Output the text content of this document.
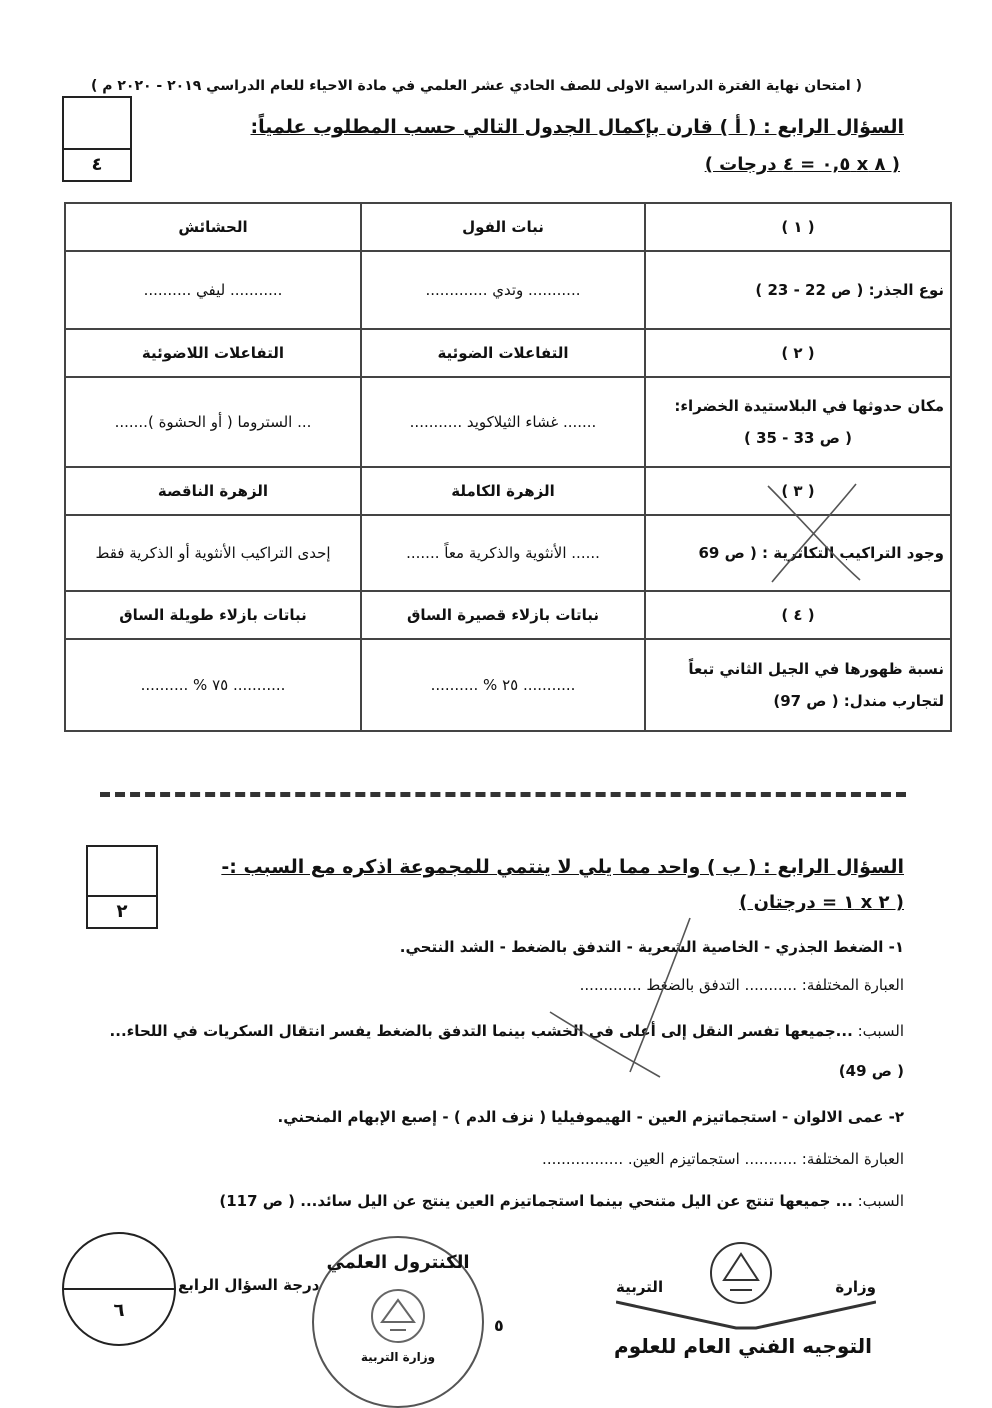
( امتحان نهاية الفترة الدراسية الاولى للصف الحادي عشر العلمي في مادة الاحياء للعام الدراسي ٢٠١٩ - ٢٠٢٠ م )
٤
السؤال الرابع : ( أ ) قارن بإكمال الجدول التالي حسب المطلوب علمياً:
( ٨ x ٠,٥ = ٤ درجات )
( ١ )	نبات الفول	الحشائش
نوع الجذر: ( ص 22 - 23 )	........... وتدي .............	........... ليفي ..........
( ٢ )	التفاعلات الضوئية	التفاعلات اللاضوئية

مكان حدوثها في البلاستيدة الخضراء:
( ص 33 - 35 )	....... غشاء الثيلاكويد ...........	... الستروما ( أو الحشوة ).......
( ٣ )	الزهرة الكاملة	الزهرة الناقصة
وجود التراكيب التكاثرية : ( ص 69	...... الأنثوية والذكرية معاً .......	إحدى التراكيب الأنثوية أو الذكرية فقط
( ٤ )	نباتات بازلاء قصيرة الساق	نباتات بازلاء طويلة الساق

نسبة ظهورها في الجيل الثاني تبعاً
لتجارب مندل: ( ص 97)	........... ٢٥ % ..........	........... ٧٥ % ..........
٢
السؤال الرابع : ( ب ) واحد مما يلي لا ينتمي للمجموعة اذكره مع السبب :-
( ٢ x ١ = درجتان )
١- الضغط الجذري - الخاصية الشعرية - التدفق بالضغط - الشد النتحي.
العبارة المختلفة: ........... التدفق بالضغط .............
السبب: ...جميعها تفسر النقل إلى أعلى في الخشب بينما التدفق بالضغط يفسر انتقال السكريات في اللحاء...
( ص 49)
٢- عمى الالوان - استجماتيزم العين - الهيموفيليا ( نزف الدم ) - إصبع الإبهام المنحني.
العبارة المختلفة: ........... استجماتيزم العين. .................
السبب: ... جميعها تنتج عن اليل متنحي بينما استجماتيزم العين ينتج عن اليل سائد... ( ص 117)
٦
درجة السؤال الرابع
الكنترول العلمي
وزارة التربية
٥
وزارة
التربية
التوجيه الفني العام للعلوم
